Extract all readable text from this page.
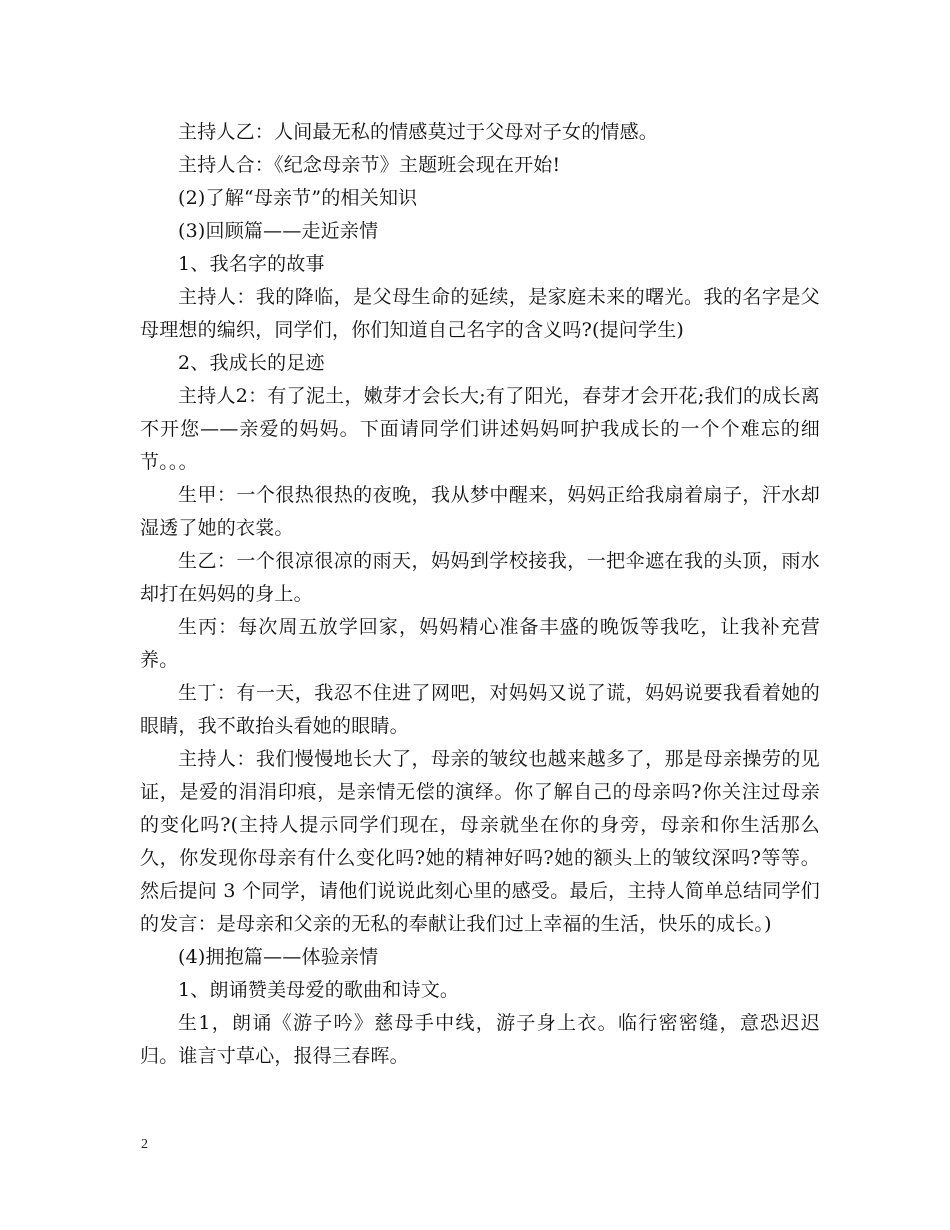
主持人乙：人间最无私的情感莫过于父母对子女的情感。

主持人合：《纪念母亲节》主题班会现在开始!

(2)了解“母亲节”的相关知识

(3)回顾篇——走近亲情

1、我名字的故事

主持人：我的降临，是父母生命的延续，是家庭未来的曙光。我的名字是父母理想的编织，同学们，你们知道自己名字的含义吗?(提问学生)

2、我成长的足迹

主持人2：有了泥土，嫩芽才会长大;有了阳光，春芽才会开花;我们的成长离不开您——亲爱的妈妈。下面请同学们讲述妈妈呵护我成长的一个个难忘的细节。。。

生甲：一个很热很热的夜晚，我从梦中醒来，妈妈正给我扇着扇子，汗水却湿透了她的衣裳。

生乙：一个很凉很凉的雨天，妈妈到学校接我，一把伞遮在我的头顶，雨水却打在妈妈的身上。

生丙：每次周五放学回家，妈妈精心准备丰盛的晚饭等我吃，让我补充营养。

生丁：有一天，我忍不住进了网吧，对妈妈又说了谎，妈妈说要我看着她的眼睛，我不敢抬头看她的眼睛。

主持人：我们慢慢地长大了，母亲的皱纹也越来越多了，那是母亲操劳的见证，是爱的涓涓印痕，是亲情无偿的演绎。你了解自己的母亲吗?你关注过母亲的变化吗?(主持人提示同学们现在，母亲就坐在你的身旁，母亲和你生活那么久，你发现你母亲有什么变化吗?她的精神好吗?她的额头上的皱纹深吗?等等。然后提问 3 个同学，请他们说说此刻心里的感受。最后，主持人简单总结同学们的发言：是母亲和父亲的无私的奉献让我们过上幸福的生活，快乐的成长。)

(4)拥抱篇——体验亲情

1、朗诵赞美母爱的歌曲和诗文。

生1，朗诵《游子吟》慈母手中线，游子身上衣。临行密密缝，意恐迟迟归。谁言寸草心，报得三春晖。

2
